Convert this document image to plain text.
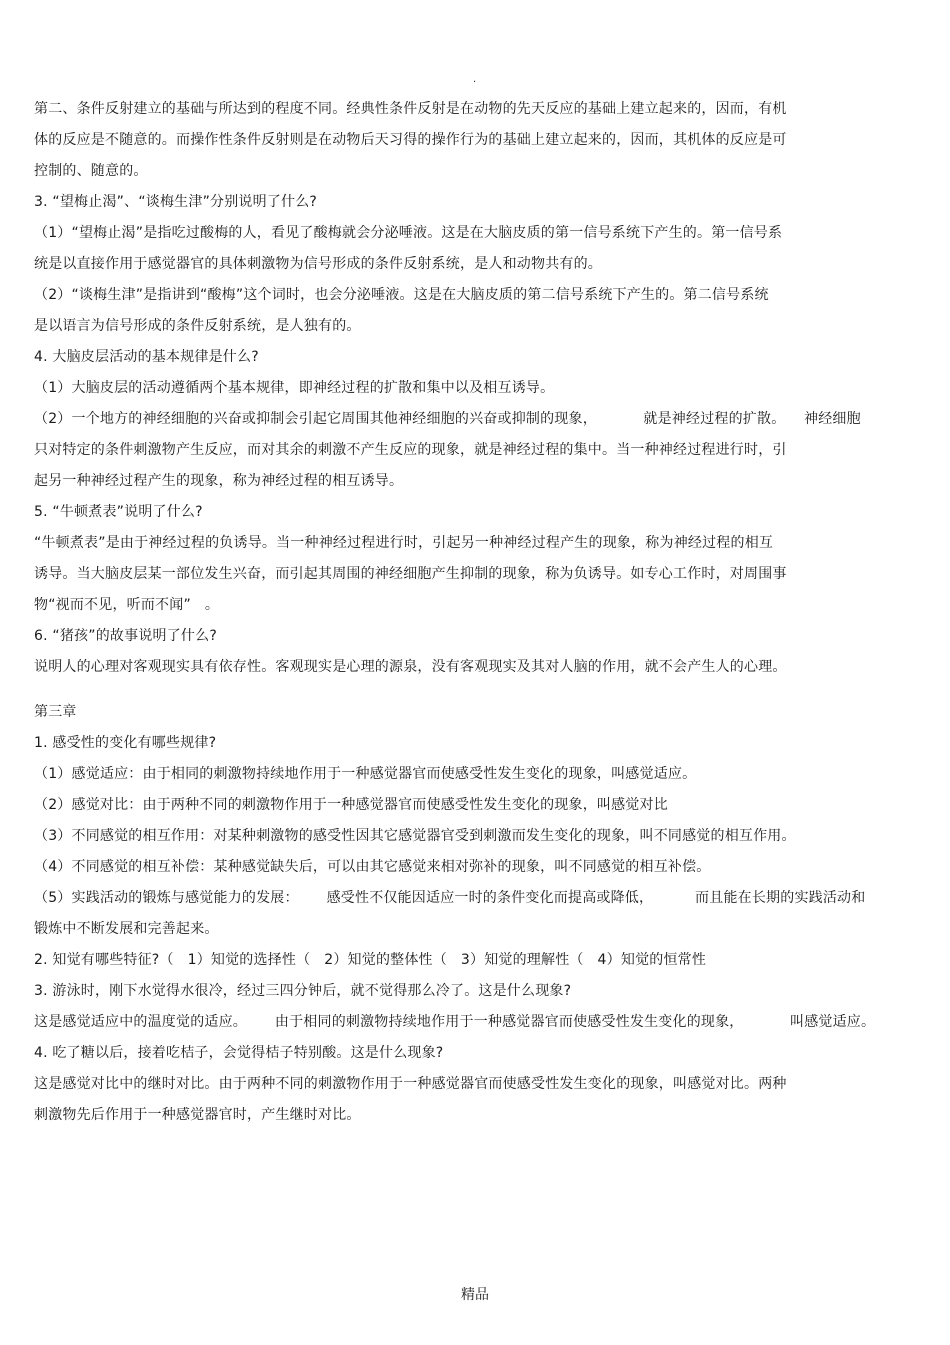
.
第二、条件反射建立的基础与所达到的程度不同。经典性条件反射是在动物的先天反应的基础上建立起来的，因而，有机
体的反应是不随意的。而操作性条件反射则是在动物后天习得的操作行为的基础上建立起来的，因而，其机体的反应是可
控制的、随意的。
3. “望梅止渴”、“谈梅生津”分别说明了什么?
（1）“望梅止渴”是指吃过酸梅的人，看见了酸梅就会分泌唾液。这是在大脑皮质的第一信号系统下产生的。第一信号系
统是以直接作用于感觉器官的具体刺激物为信号形成的条件反射系统，是人和动物共有的。
（2）“谈梅生津”是指讲到“酸梅”这个词时，也会分泌唾液。这是在大脑皮质的第二信号系统下产生的。第二信号系统
是以语言为信号形成的条件反射系统，是人独有的。
4. 大脑皮层活动的基本规律是什么?
（1）大脑皮层的活动遵循两个基本规律，即神经过程的扩散和集中以及相互诱导。
（2）一个地方的神经细胞的兴奋或抑制会引起它周围其他神经细胞的兴奋或抑制的现象，          就是神经过程的扩散。    神经细胞
只对特定的条件刺激物产生反应，而对其余的刺激不产生反应的现象，就是神经过程的集中。当一种神经过程进行时，引
起另一种神经过程产生的现象，称为神经过程的相互诱导。
5. “牛顿煮表”说明了什么?
“牛顿煮表”是由于神经过程的负诱导。当一种神经过程进行时，引起另一种神经过程产生的现象，称为神经过程的相互
诱导。当大脑皮层某一部位发生兴奋，而引起其周围的神经细胞产生抑制的现象，称为负诱导。如专心工作时，对周围事
物“视而不见，听而不闻”   。
6. “猪孩”的故事说明了什么?
说明人的心理对客观现实具有依存性。客观现实是心理的源泉，没有客观现实及其对人脑的作用，就不会产生人的心理。
第三章
1. 感受性的变化有哪些规律?
（1）感觉适应：由于相同的刺激物持续地作用于一种感觉器官而使感受性发生变化的现象，叫感觉适应。
（2）感觉对比：由于两种不同的刺激物作用于一种感觉器官而使感受性发生变化的现象，叫感觉对比
（3）不同感觉的相互作用：对某种刺激物的感受性因其它感觉器官受到刺激而发生变化的现象，叫不同感觉的相互作用。
（4）不同感觉的相互补偿：某种感觉缺失后，可以由其它感觉来相对弥补的现象，叫不同感觉的相互补偿。
（5）实践活动的锻炼与感觉能力的发展：      感受性不仅能因适应一时的条件变化而提高或降低，         而且能在长期的实践活动和
锻炼中不断发展和完善起来。
2. 知觉有哪些特征?（   1）知觉的选择性（   2）知觉的整体性（   3）知觉的理解性（   4）知觉的恒常性
3. 游泳时，刚下水觉得水很冷，经过三四分钟后，就不觉得那么冷了。这是什么现象?
这是感觉适应中的温度觉的适应。      由于相同的刺激物持续地作用于一种感觉器官而使感受性发生变化的现象，          叫感觉适应。
4. 吃了糖以后，接着吃桔子，会觉得桔子特别酸。这是什么现象?
这是感觉对比中的继时对比。由于两种不同的刺激物作用于一种感觉器官而使感受性发生变化的现象，叫感觉对比。两种
刺激物先后作用于一种感觉器官时，产生继时对比。
精品
